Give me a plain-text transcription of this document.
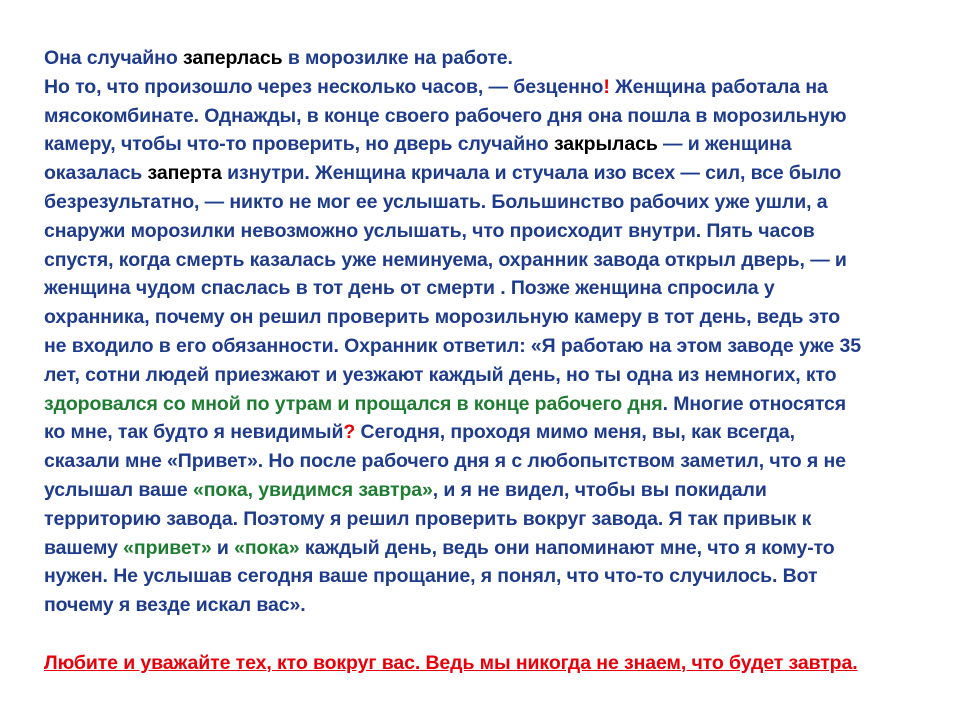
Она случайно заперлась в морозилке на работе.
Но то, что произошло через несколько часов, — безценно! Женщина работала на
мясокомбинате. Однажды, в конце своего рабочего дня она пошла в морозильную
камеру, чтобы что-то проверить, но дверь случайно закрылась — и женщина
оказалась заперта изнутри. Женщина кричала и стучала изо всех — сил, все было
безрезультатно, — никто не мог ее услышать. Большинство рабочих уже ушли, а
снаружи морозилки невозможно услышать, что происходит внутри. Пять часов
спустя, когда смерть казалась уже неминуема, охранник завода открыл дверь, — и
женщина чудом спаслась в тот день от смерти . Позже женщина спросила у
охранника, почему он решил проверить морозильную камеру в тот день, ведь это
не входило в его обязанности. Охранник ответил: «Я работаю на этом заводе уже 35
лет, сотни людей приезжают и уезжают каждый день, но ты одна из немногих, кто
здоровался со мной по утрам и прощался в конце рабочего дня. Многие относятся
ко мне, так будто я невидимый? Сегодня, проходя мимо меня, вы, как всегда,
сказали мне «Привет». Но после рабочего дня я с любопытством заметил, что я не
услышал ваше «пока, увидимся завтра», и я не видел, чтобы вы покидали
территорию завода. Поэтому я решил проверить вокруг завода. Я так привык к
вашему «привет» и «пока» каждый день, ведь они напоминают мне, что я кому-то
нужен. Не услышав сегодня ваше прощание, я понял, что что-то случилось. Вот
почему я везде искал вас».
Любите и уважайте тех, кто вокруг вас. Ведь мы никогда не знаем, что будет завтра.
